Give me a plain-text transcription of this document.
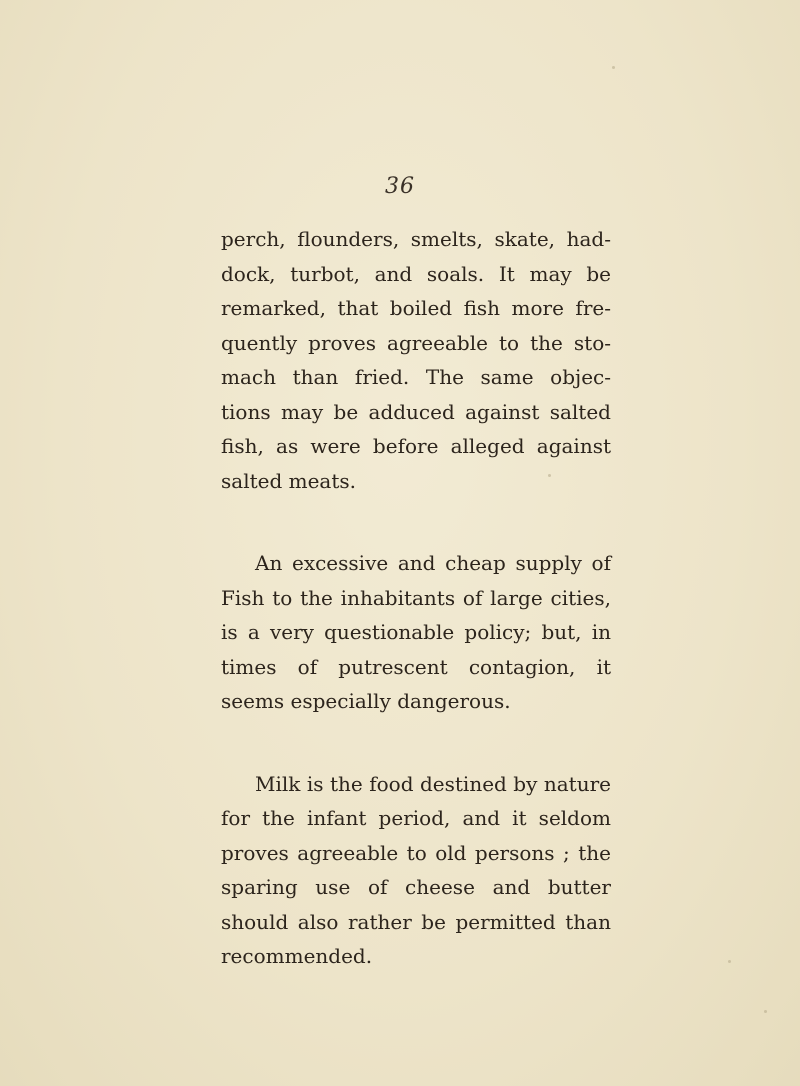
36
perch, flounders, smelts, skate, had-
dock, turbot, and soals. It may be
remarked, that boiled fish more fre-
quently proves agreeable to the sto-
mach than fried. The same objec-
tions may be adduced against salted
fish, as were before alleged against
salted meats.
An excessive and cheap supply of
Fish to the inhabitants of large cities,
is a very questionable policy; but, in
times of putrescent contagion, it
seems especially dangerous.
Milk is the food destined by nature
for the infant period, and it seldom
proves agreeable to old persons ; the
sparing use of cheese and butter
should also rather be permitted than
recommended.
